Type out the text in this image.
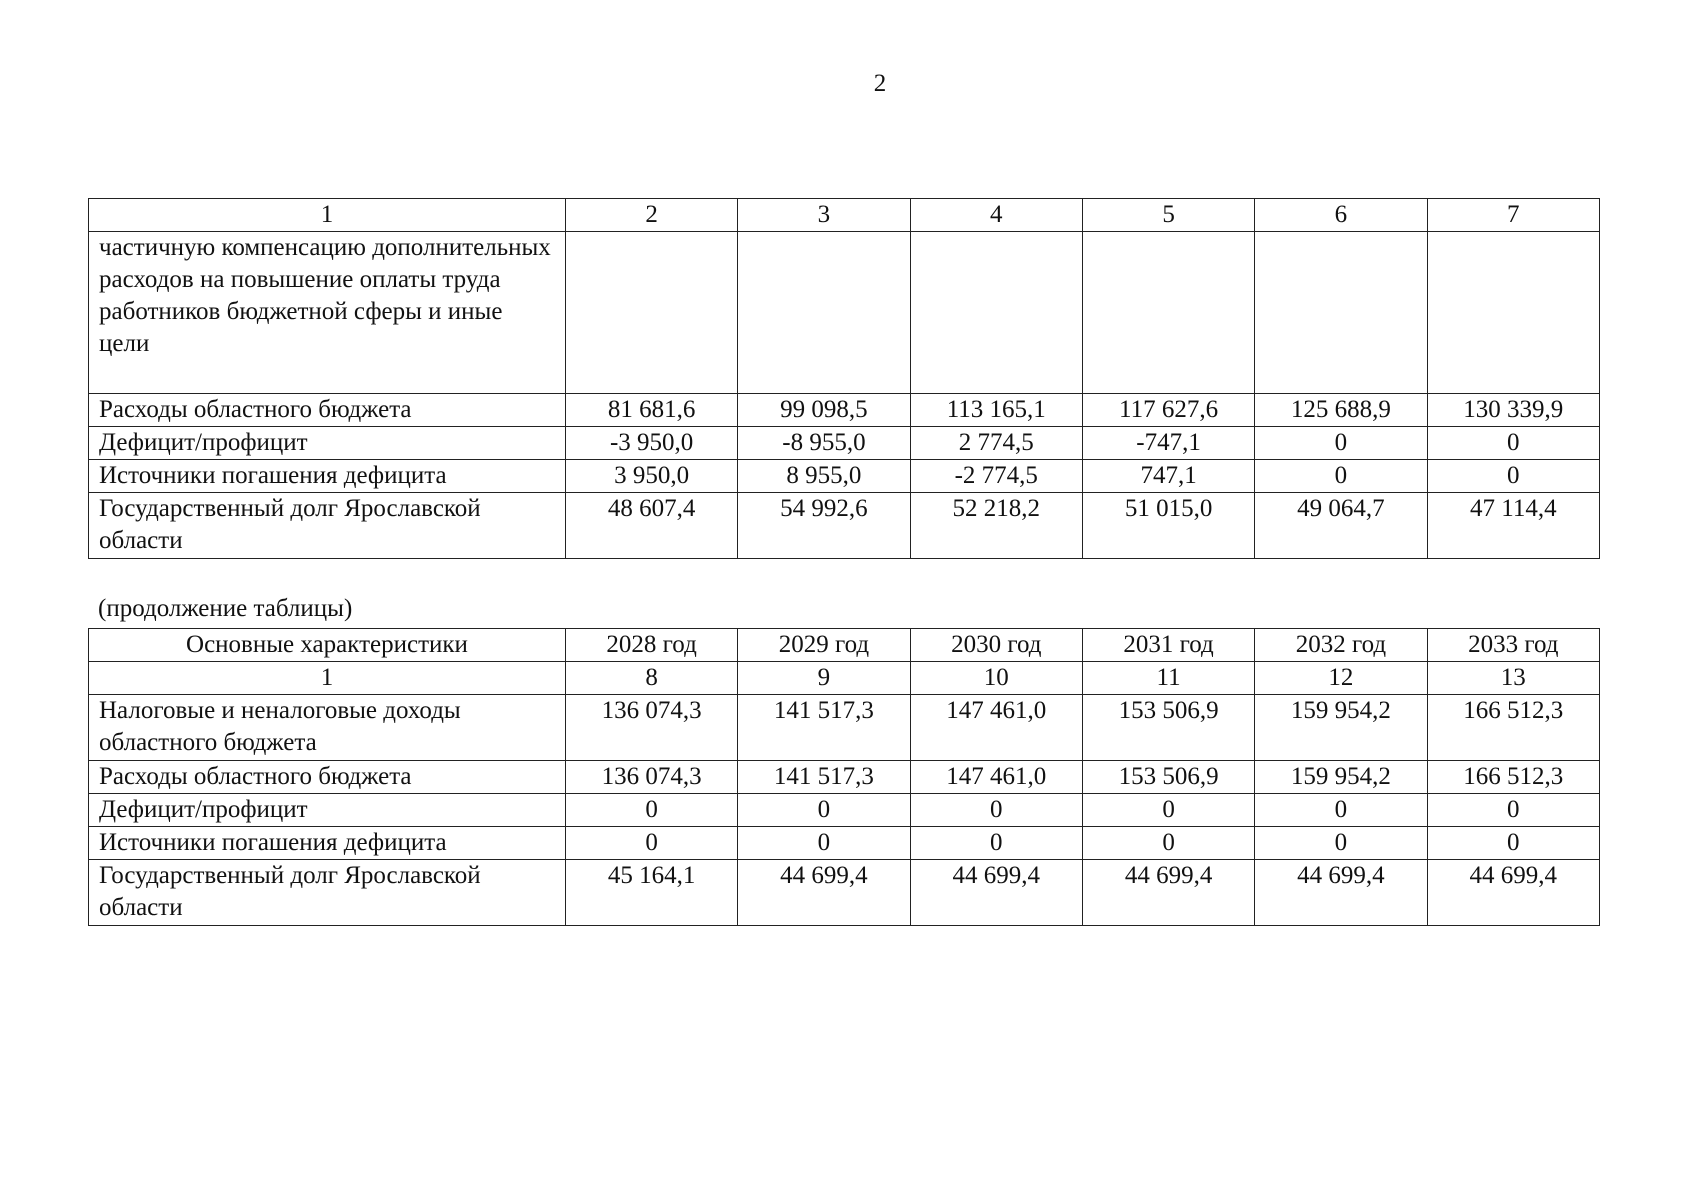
2
1	2	3	4	5	6	7
частичную компенсацию дополнительных расходов на повышение оплаты труда работников бюджетной сферы и иные цели						
Расходы областного бюджета	81 681,6	99 098,5	113 165,1	117 627,6	125 688,9	130 339,9
Дефицит/профицит	-3 950,0	-8 955,0	2 774,5	-747,1	0	0
Источники погашения дефицита	3 950,0	8 955,0	-2 774,5	747,1	0	0
Государственный долг Ярославской области	48 607,4	54 992,6	52 218,2	51 015,0	49 064,7	47 114,4
(продолжение таблицы)
Основные характеристики	2028 год	2029 год	2030 год	2031 год	2032 год	2033 год
1	8	9	10	11	12	13
Налоговые и неналоговые доходы областного бюджета	136 074,3	141 517,3	147 461,0	153 506,9	159 954,2	166 512,3
Расходы областного бюджета	136 074,3	141 517,3	147 461,0	153 506,9	159 954,2	166 512,3
Дефицит/профицит	0	0	0	0	0	0
Источники погашения дефицита	0	0	0	0	0	0
Государственный долг Ярославской области	45 164,1	44 699,4	44 699,4	44 699,4	44 699,4	44 699,4
